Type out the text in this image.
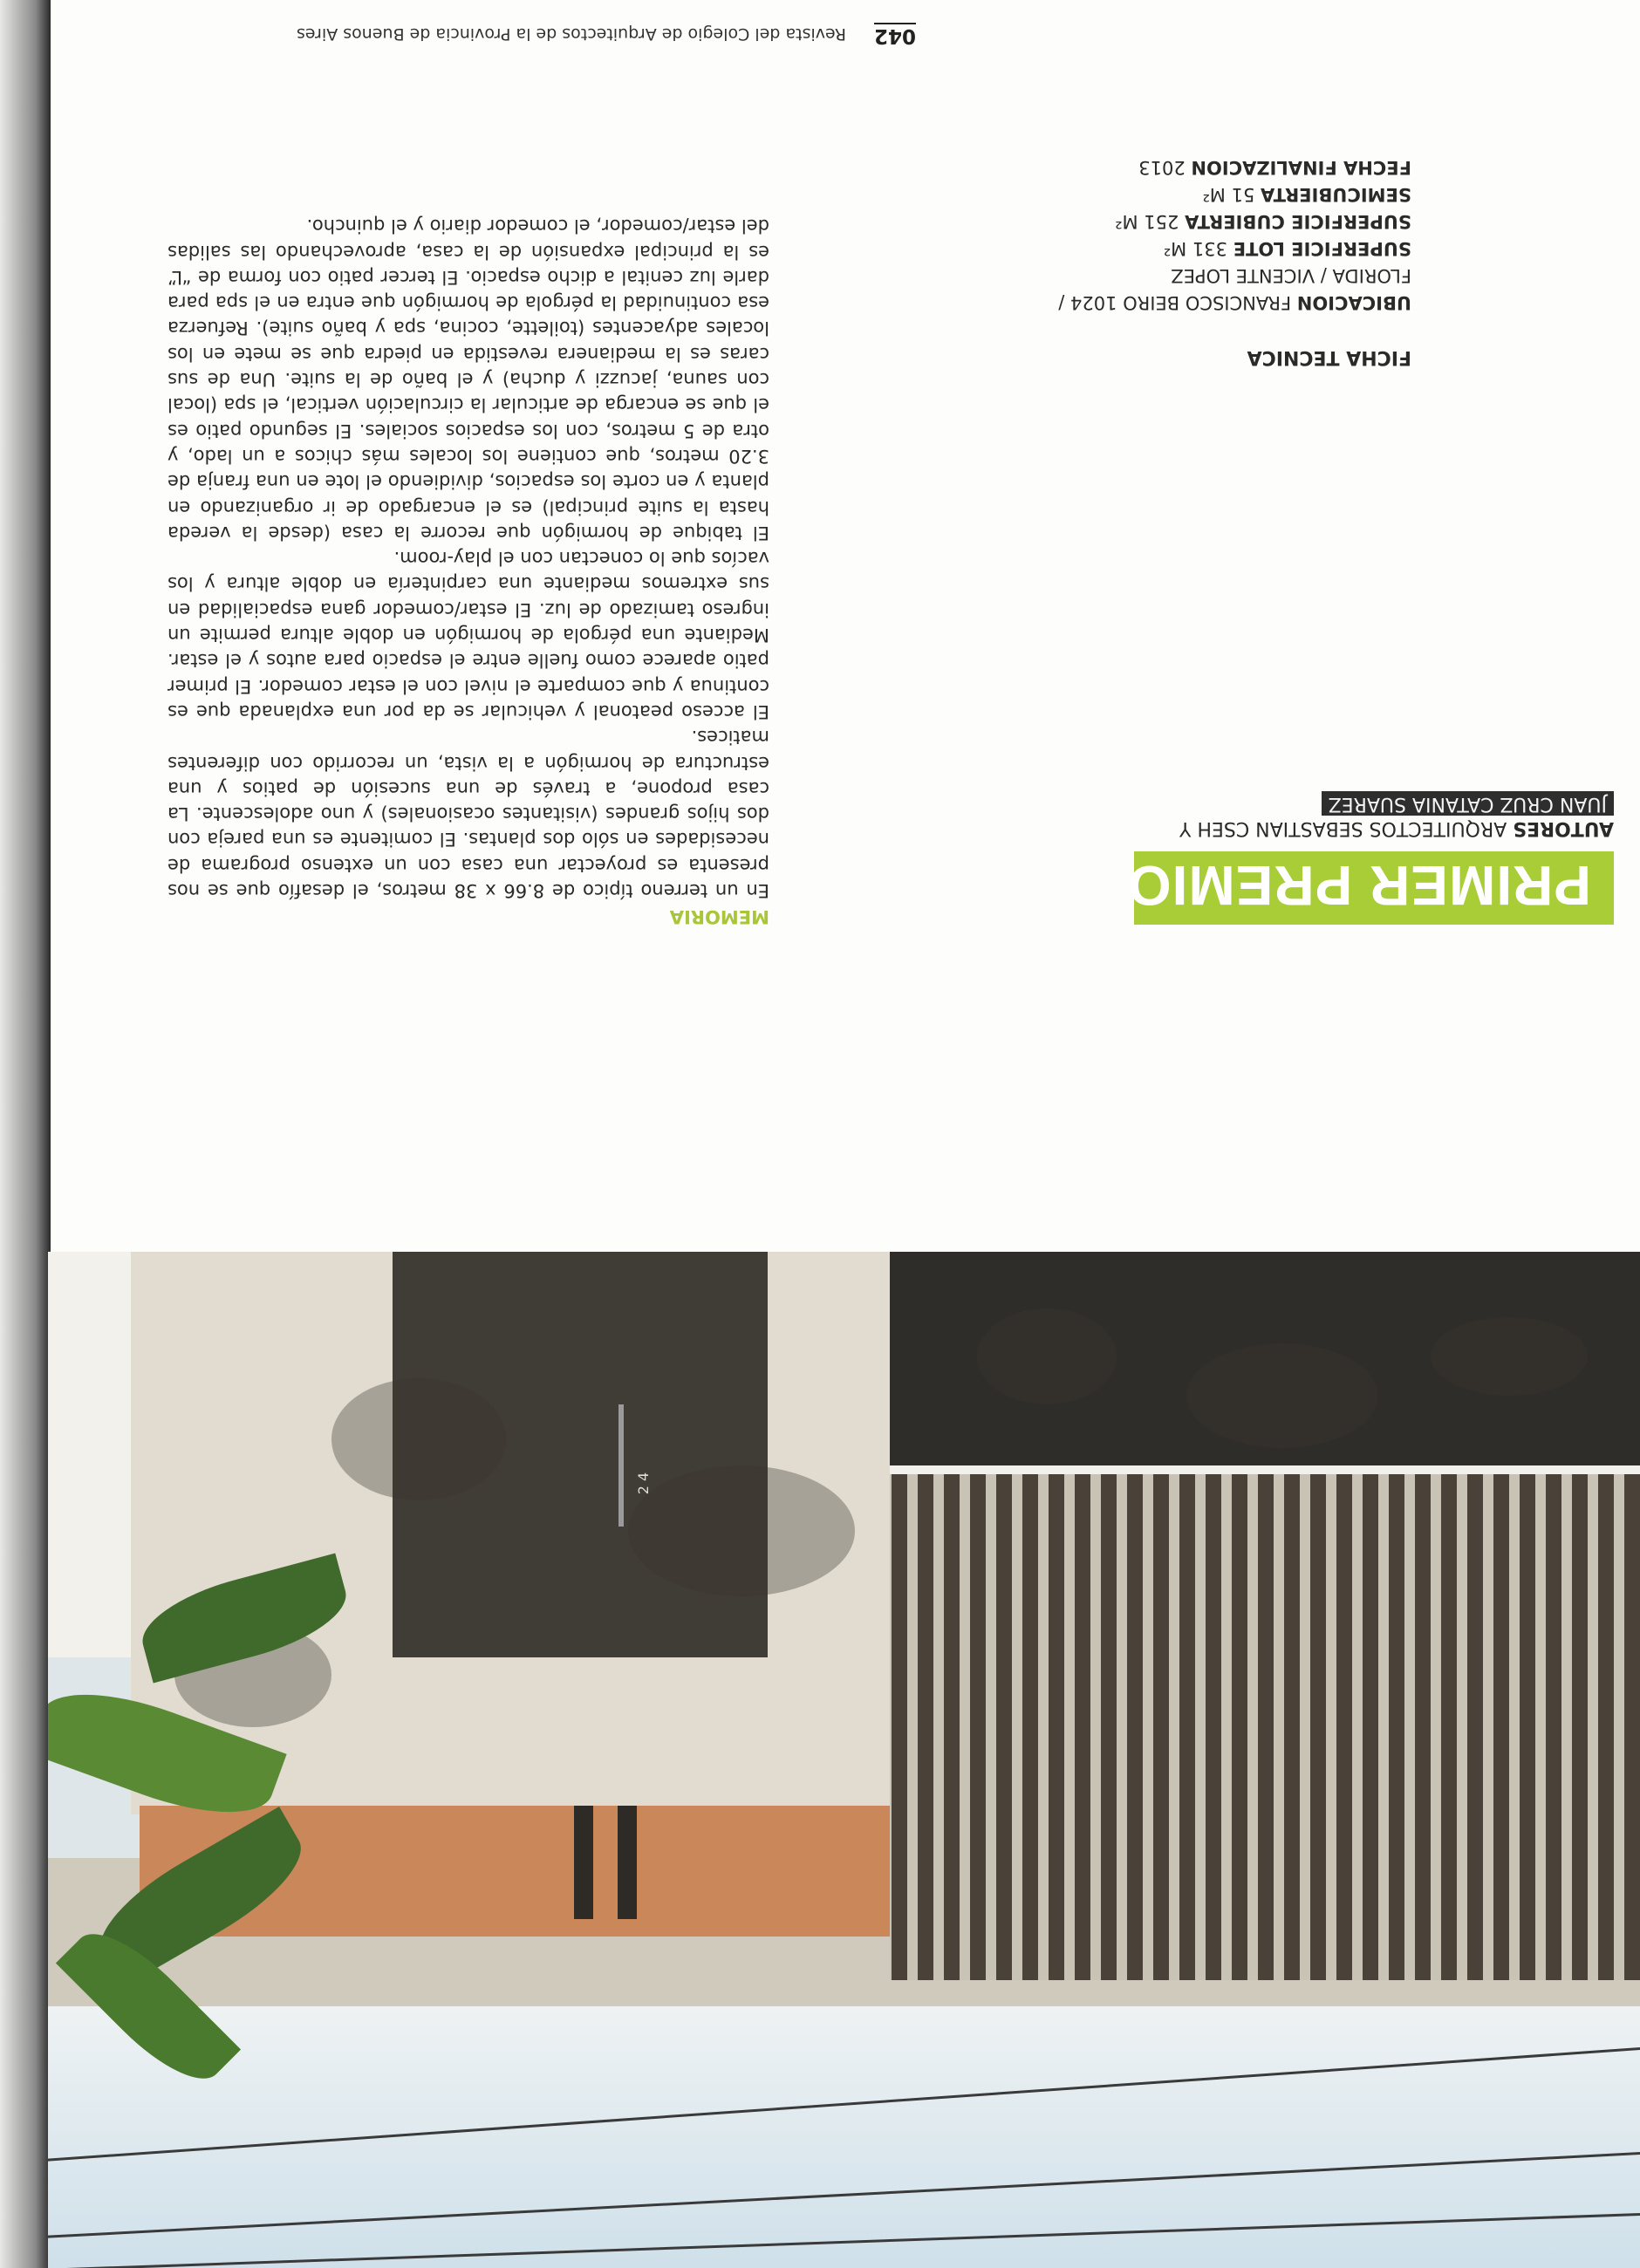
2 4
042
Revista del Colegio de Arquitectos de la Provincia de Buenos Aires
PRIMER PREMIO
AUTORES ARQUITECTOS SEBASTIAN CSEH Y
JUAN CRUZ CATANIA SUAREZ
FICHA TECNICA
UBICACION FRANCISCO BEIRO 1024 /
FLORIDA / VICENTE LOPEZ
SUPERFICIE LOTE 331 M²
SUPERFICIE CUBIERTA 251 M²
SEMICUBIERTA 51 M²
FECHA FINALIZACION 2013
MEMORIA

En un terreno típico de 8.66 x 38 metros, el desafío que se nos presenta es proyectar una casa con un extenso programa de necesidades en sólo dos plantas. El comitente es una pareja con dos hijos grandes (visitantes ocasionales) y uno adolescente. La casa propone, a través de una sucesión de patios y una estructura de hormigón a la vista, un recorrido con diferentes matices.

El acceso peatonal y vehicular se da por una explanada que es continua y que comparte el nivel con el estar comedor. El primer patio aparece como fuelle entre el espacio para autos y el estar. Mediante una pérgola de hormigón en doble altura permite un ingreso tamizado de luz. El estar/comedor gana espacialidad en sus extremos mediante una carpintería en doble altura y los vacíos que lo conectan con el play-room.

El tabique de hormigón que recorre la casa (desde la vereda hasta la suite principal) es el encargado de ir organizando en planta y en corte los espacios, dividiendo el lote en una franja de 3.20 metros, que contiene los locales más chicos a un lado, y otra de 5 metros, con los espacios sociales. El segundo patio es el que se encarga de articular la circulación vertical, el spa (local con sauna, jacuzzi y ducha) y el baño de la suite. Una de sus caras es la medianera revestida en piedra que se mete en los locales adyacentes (toilette, cocina, spa y baño suite). Refuerza esa continuidad la pérgola de hormigón que entra en el spa para darle luz cenital a dicho espacio. El tercer patio con forma de “L” es la principal expansión de la casa, aprovechando las salidas del estar/comedor, el comedor diario y el quincho.
